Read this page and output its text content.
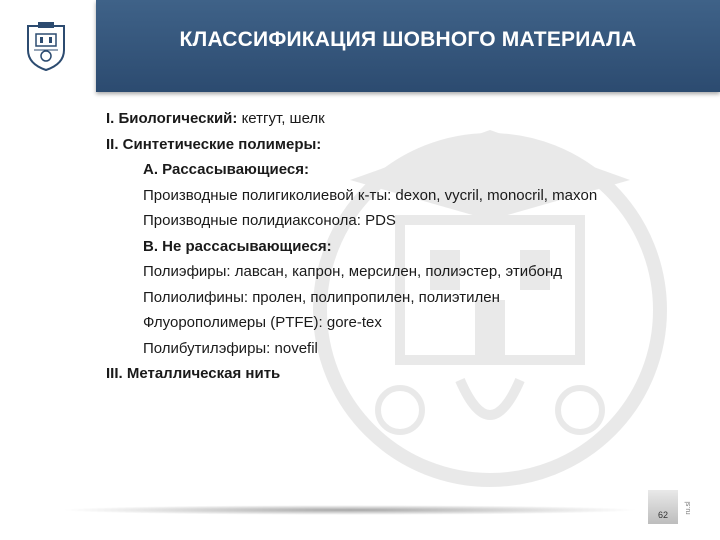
КЛАССИФИКАЦИЯ ШОВНОГО МАТЕРИАЛА
I. Биологический: кетгут, шелк
II. Синтетические полимеры:
А. Рассасывающиеся:
Производные полигиколиевой к-ты: dexon, vycril, monocril, maxon
Производные полидиаксонола: PDS
В. Не рассасывающиеся:
Полиэфиры: лавсан, капрон, мерсилен, полиэстер, этибонд
Полиолифины: пролен, полипропилен, полиэтилен
Флуорополимеры (PTFE): gore-tex
Полибутилэфиры: novefil
III. Металлическая нить
62
ru.sl
